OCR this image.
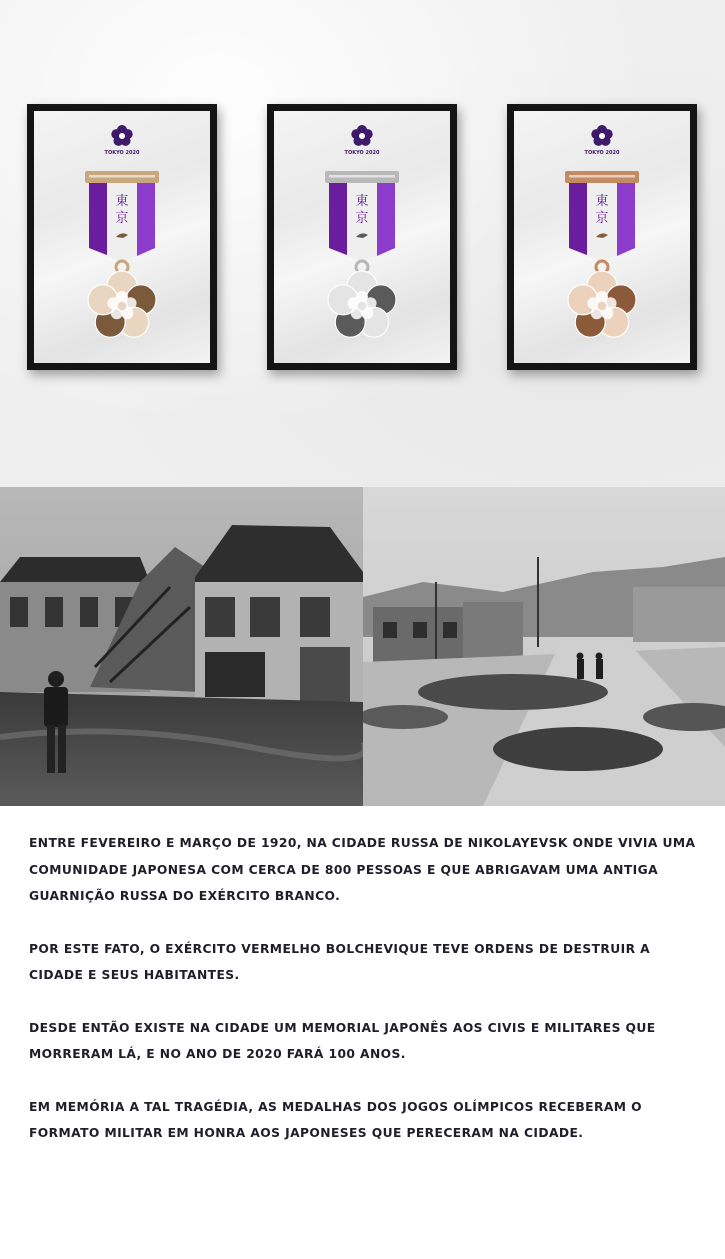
TOKYO 2020
東
京
TOKYO 2020
東
京
TOKYO 2020
東
京

ENTRE FEVEREIRO E MARÇO DE 1920, NA CIDADE RUSSA DE NIKOLAYEVSK ONDE VIVIA UMA COMUNIDADE JAPONESA COM CERCA DE 800 PESSOAS E QUE ABRIGAVAM UMA ANTIGA GUARNIÇÃO RUSSA DO EXÉRCITO BRANCO.

POR ESTE FATO, O EXÉRCITO VERMELHO BOLCHEVIQUE TEVE ORDENS DE DESTRUIR A CIDADE E SEUS HABITANTES.

DESDE ENTÃO EXISTE NA CIDADE UM MEMORIAL JAPONÊS AOS CIVIS E MILITARES QUE MORRERAM LÁ, E NO ANO DE 2020 FARÁ 100 ANOS.

EM MEMÓRIA A TAL TRAGÉDIA, AS MEDALHAS DOS JOGOS OLÍMPICOS RECEBERAM O FORMATO MILITAR EM HONRA AOS JAPONESES QUE PERECERAM NA CIDADE.
